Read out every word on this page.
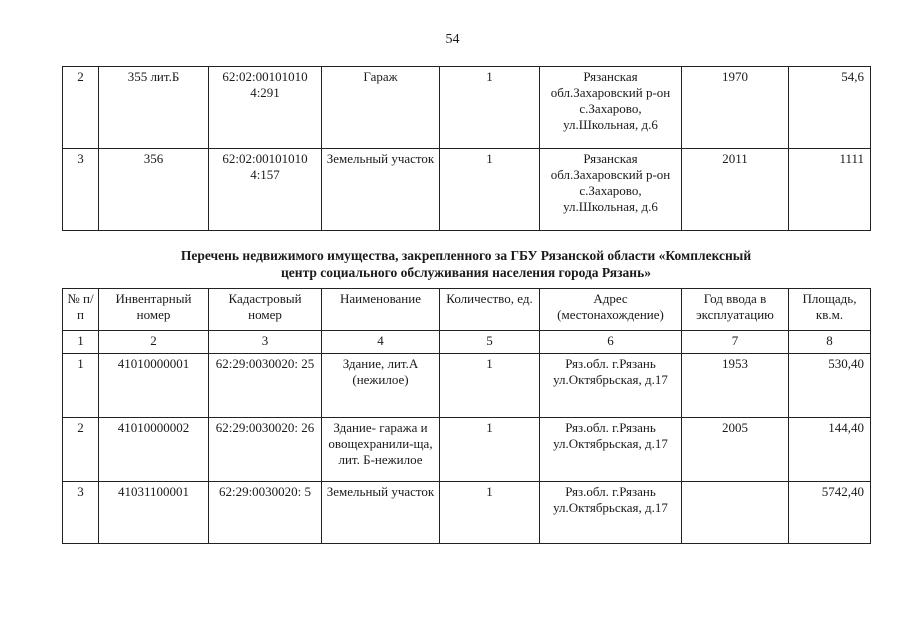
54
2	355 лит.Б	62:02:00101010 4:291	Гараж	1	Рязанская обл.Захаровский р-он с.Захарово, ул.Школьная, д.6	1970	54,6
3	356	62:02:00101010 4:157	Земельный участок	1	Рязанская обл.Захаровский р-он с.Захарово, ул.Школьная, д.6	2011	1111
Перечень недвижимого имущества, закрепленного за ГБУ Рязанской области «Комплексный
центр социального обслуживания населения города Рязань»
№ п/п	Инвентарный номер	Кадастровый номер	Наименование	Количество, ед.	Адрес (местонахождение)	Год ввода в эксплуатацию	Площадь, кв.м.
1	2	3	4	5	6	7	8
1	41010000001	62:29:0030020: 25	Здание, лит.А (нежилое)	1	Ряз.обл. г.Рязань ул.Октябрьская, д.17	1953	530,40
2	41010000002	62:29:0030020: 26	Здание- гаража и овощехранили-ща, лит. Б-нежилое	1	Ряз.обл. г.Рязань ул.Октябрьская, д.17	2005	144,40
3	41031100001	62:29:0030020: 5	Земельный участок	1	Ряз.обл. г.Рязань ул.Октябрьская, д.17		5742,40
